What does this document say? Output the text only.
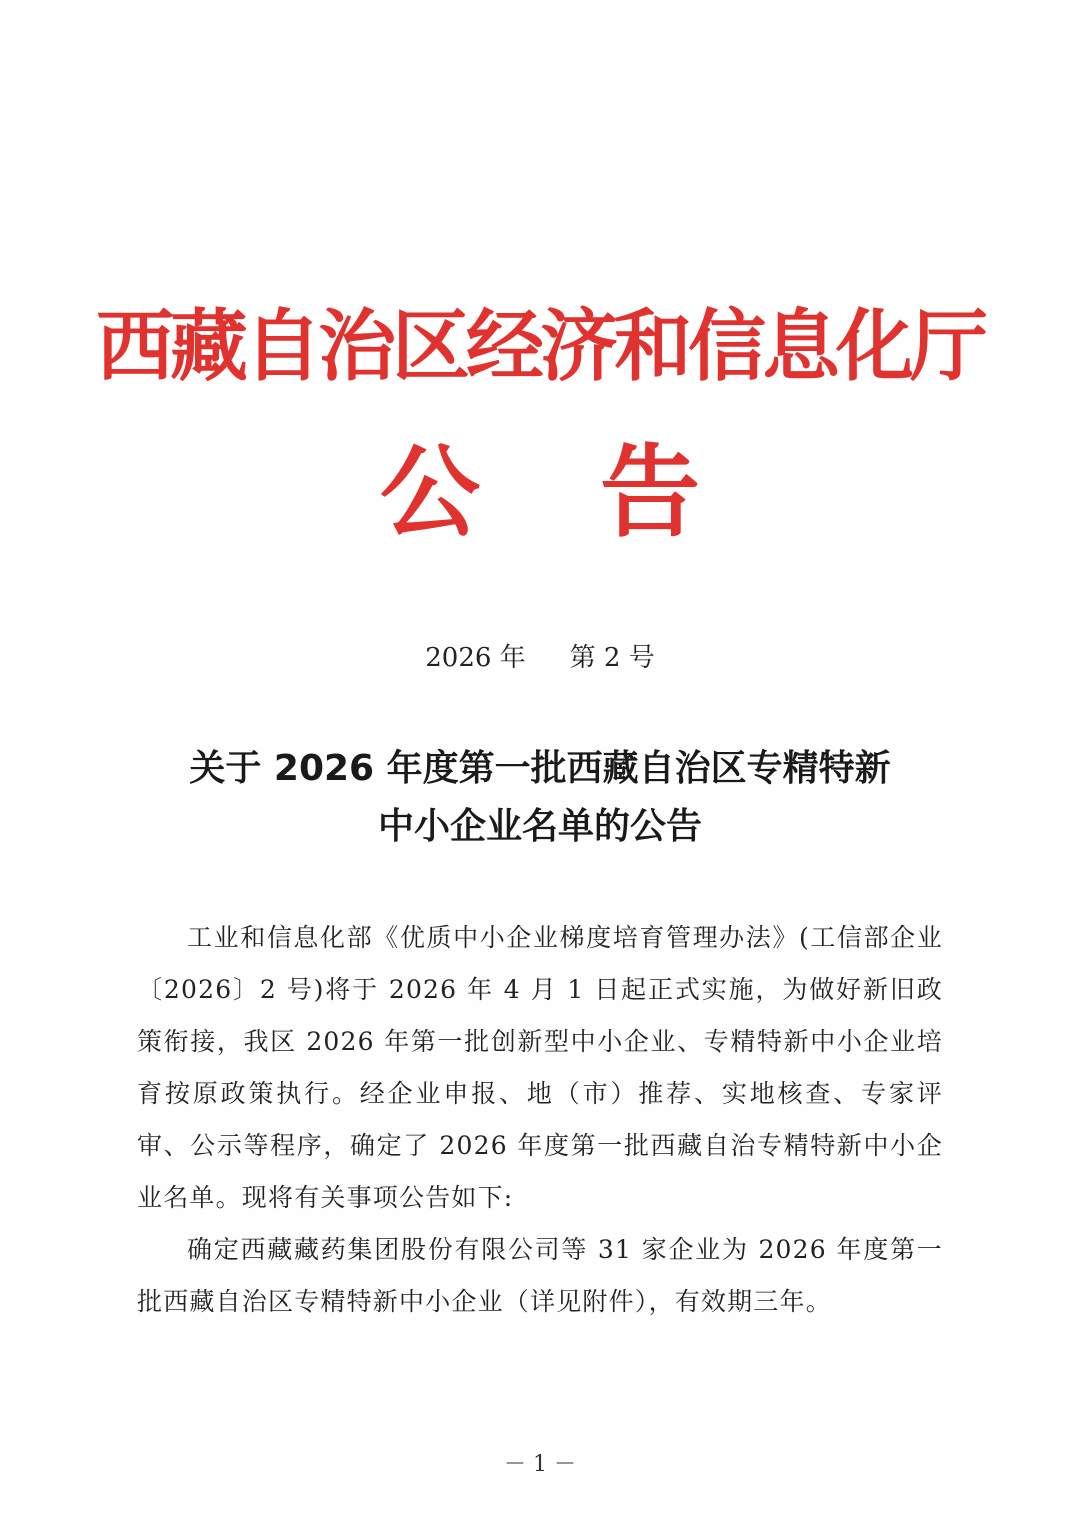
西藏自治区经济和信息化厅
公 告
2026 年 第 2 号
关于 2026 年度第一批西藏自治区专精特新
中小企业名单的公告

工业和信息化部《优质中小企业梯度培育管理办法》(工信部企业〔2026〕2 号)将于 2026 年 4 月 1 日起正式实施，为做好新旧政策衔接，我区 2026 年第一批创新型中小企业、专精特新中小企业培育按原政策执行。经企业申报、地（市）推荐、实地核查、专家评审、公示等程序，确定了 2026 年度第一批西藏自治专精特新中小企业名单。现将有关事项公告如下:

确定西藏藏药集团股份有限公司等 31 家企业为 2026 年度第一批西藏自治区专精特新中小企业（详见附件），有效期三年。

－ 1 －
